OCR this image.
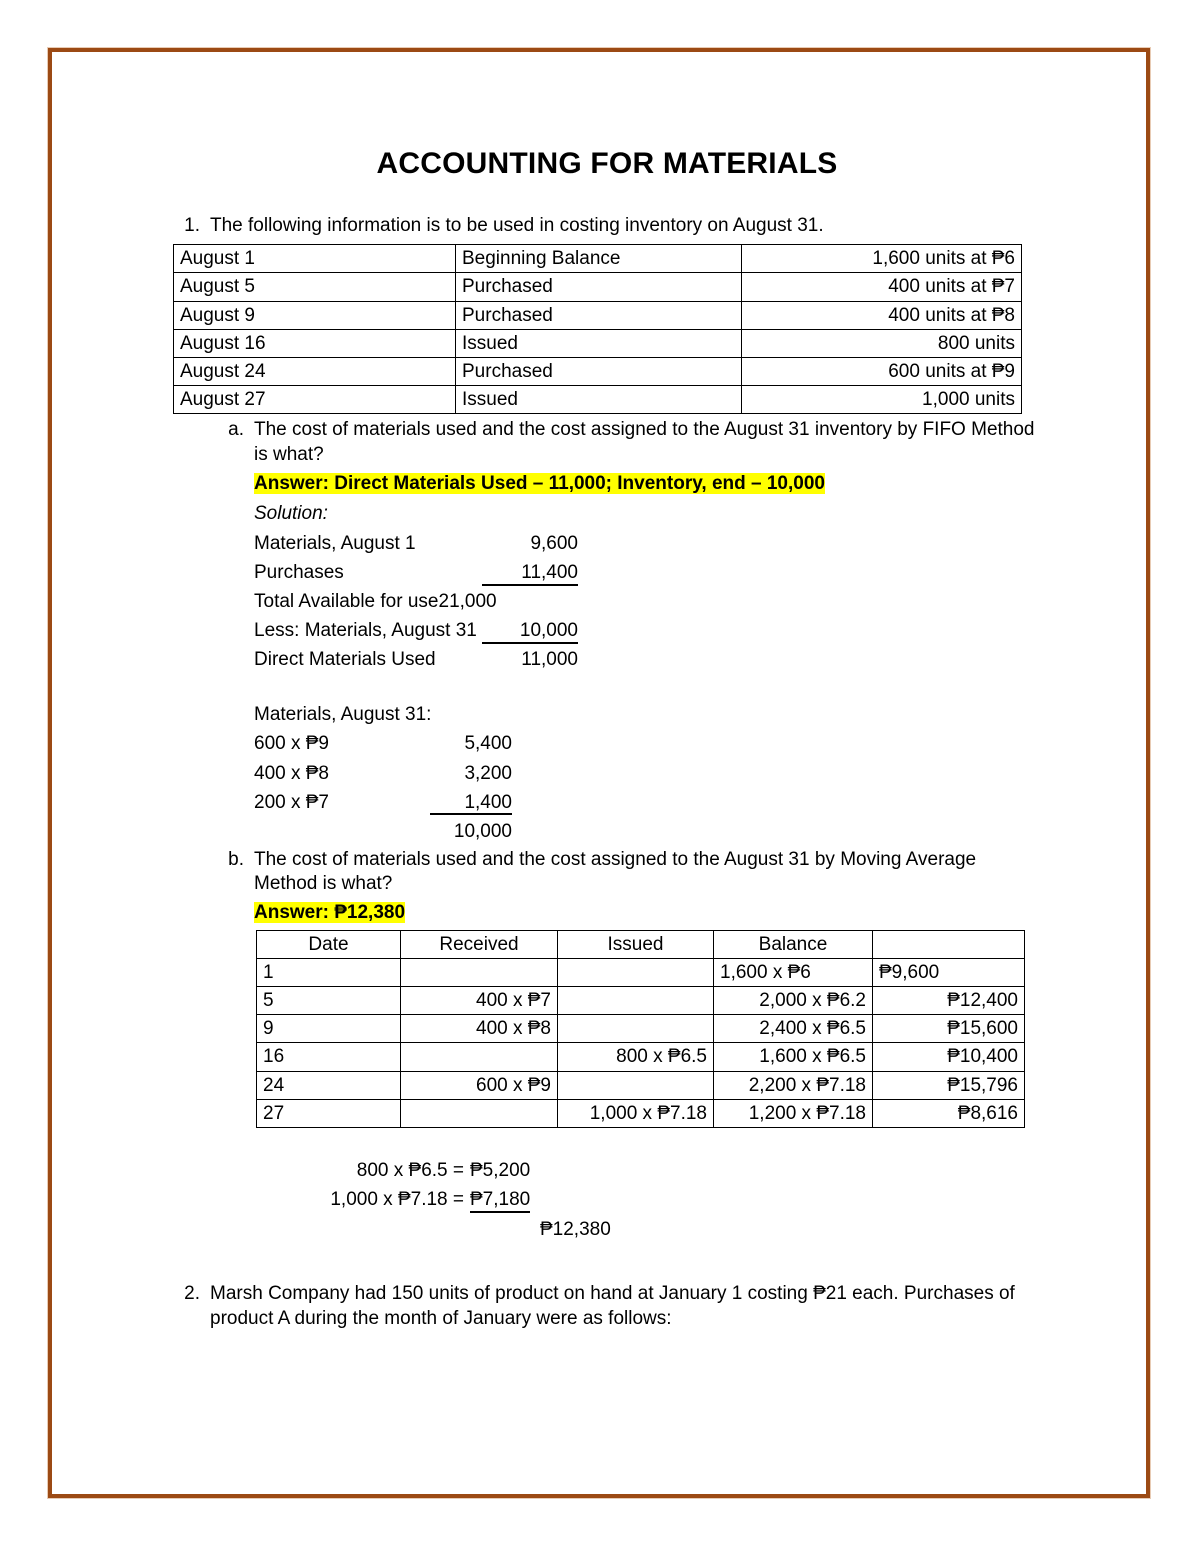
ACCOUNTING FOR MATERIALS
1. The following information is to be used in costing inventory on August 31.
August 1	Beginning Balance	1,600 units at ₱6
August 5	Purchased	400 units at ₱7
August 9	Purchased	400 units at ₱8
August 16	Issued	800 units
August 24	Purchased	600 units at ₱9
August 27	Issued	1,000 units
a. The cost of materials used and the cost assigned to the August 31 inventory by FIFO Method is what?
Answer: Direct Materials Used – 11,000; Inventory, end – 10,000
Solution:
Materials, August 1	9,600
Purchases	11,400
Total Available for use 21,000
Less: Materials, August 31	10,000
Direct Materials Used	11,000
Materials, August 31:
600 x ₱9	5,400
400 x ₱8	3,200
200 x ₱7	1,400
10,000
b. The cost of materials used and the cost assigned to the August 31 by Moving Average Method is what?
Answer: ₱12,380
Date	Received	Issued	Balance	
1			1,600 x ₱6	₱9,600
5	400 x ₱7		2,000 x ₱6.2	₱12,400
9	400 x ₱8		2,400 x ₱6.5	₱15,600
16		800 x ₱6.5	1,600 x ₱6.5	₱10,400
24	600 x ₱9		2,200 x ₱7.18	₱15,796
27		1,000 x ₱7.18	1,200 x ₱7.18	₱8,616
800 x ₱6.5 = ₱5,200
1,000 x ₱7.18 = ₱7,180
₱12,380
2. Marsh Company had 150 units of product on hand at January 1 costing ₱21 each. Purchases of product A during the month of January were as follows:
